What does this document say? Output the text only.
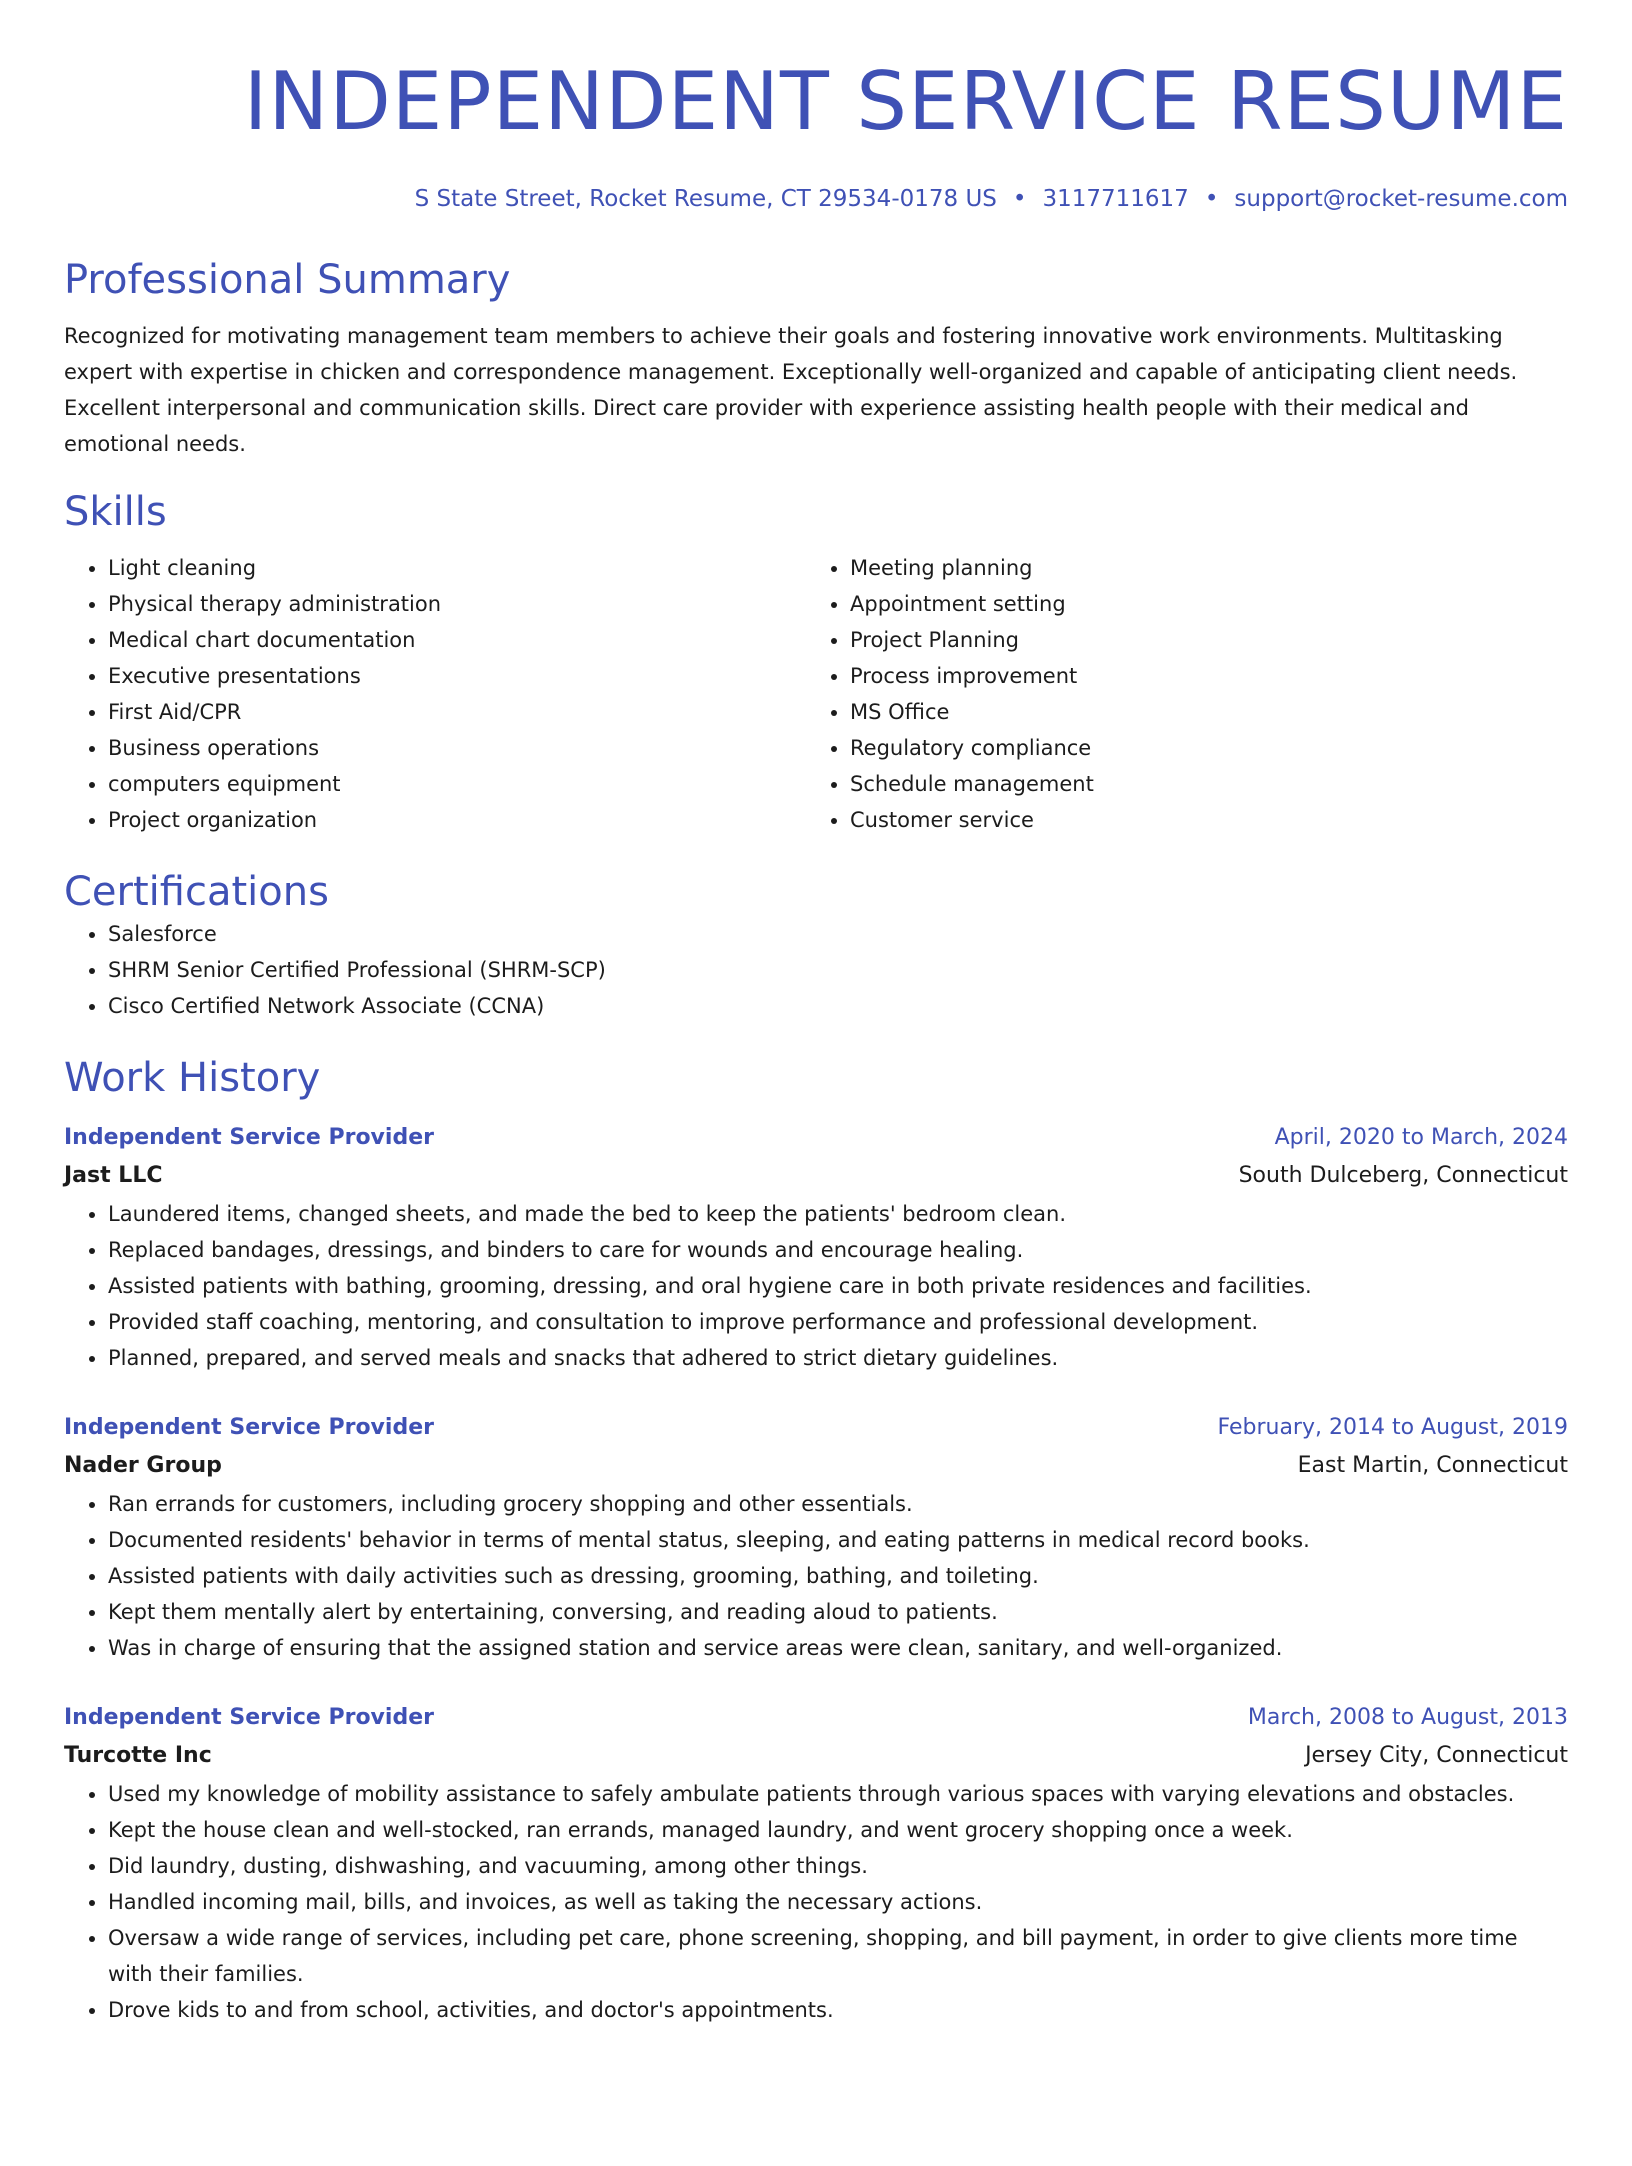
INDEPENDENT SERVICE RESUME
S State Street, Rocket Resume, CT 29534-0178 US • 3117711617 • support@rocket-resume.com
Professional Summary
Recognized for motivating management team members to achieve their goals and fostering innovative work environments. Multitasking expert with expertise in chicken and correspondence management. Exceptionally well-organized and capable of anticipating client needs. Excellent interpersonal and communication skills. Direct care provider with experience assisting health people with their medical and emotional needs.
Skills
• Light cleaning
• Physical therapy administration
• Medical chart documentation
• Executive presentations
• First Aid/CPR
• Business operations
• computers equipment
• Project organization
• Meeting planning
• Appointment setting
• Project Planning
• Process improvement
• MS Office
• Regulatory compliance
• Schedule management
• Customer service
Certifications
• Salesforce
• SHRM Senior Certified Professional (SHRM-SCP)
• Cisco Certified Network Associate (CCNA)
Work History
Independent Service Provider	April, 2020 to March, 2024
Jast LLC	South Dulceberg, Connecticut
• Laundered items, changed sheets, and made the bed to keep the patients' bedroom clean.
• Replaced bandages, dressings, and binders to care for wounds and encourage healing.
• Assisted patients with bathing, grooming, dressing, and oral hygiene care in both private residences and facilities.
• Provided staff coaching, mentoring, and consultation to improve performance and professional development.
• Planned, prepared, and served meals and snacks that adhered to strict dietary guidelines.
Independent Service Provider	February, 2014 to August, 2019
Nader Group	East Martin, Connecticut
• Ran errands for customers, including grocery shopping and other essentials.
• Documented residents' behavior in terms of mental status, sleeping, and eating patterns in medical record books.
• Assisted patients with daily activities such as dressing, grooming, bathing, and toileting.
• Kept them mentally alert by entertaining, conversing, and reading aloud to patients.
• Was in charge of ensuring that the assigned station and service areas were clean, sanitary, and well-organized.
Independent Service Provider	March, 2008 to August, 2013
Turcotte Inc	Jersey City, Connecticut
• Used my knowledge of mobility assistance to safely ambulate patients through various spaces with varying elevations and obstacles.
• Kept the house clean and well-stocked, ran errands, managed laundry, and went grocery shopping once a week.
• Did laundry, dusting, dishwashing, and vacuuming, among other things.
• Handled incoming mail, bills, and invoices, as well as taking the necessary actions.
• Oversaw a wide range of services, including pet care, phone screening, shopping, and bill payment, in order to give clients more time with their families.
• Drove kids to and from school, activities, and doctor's appointments.
